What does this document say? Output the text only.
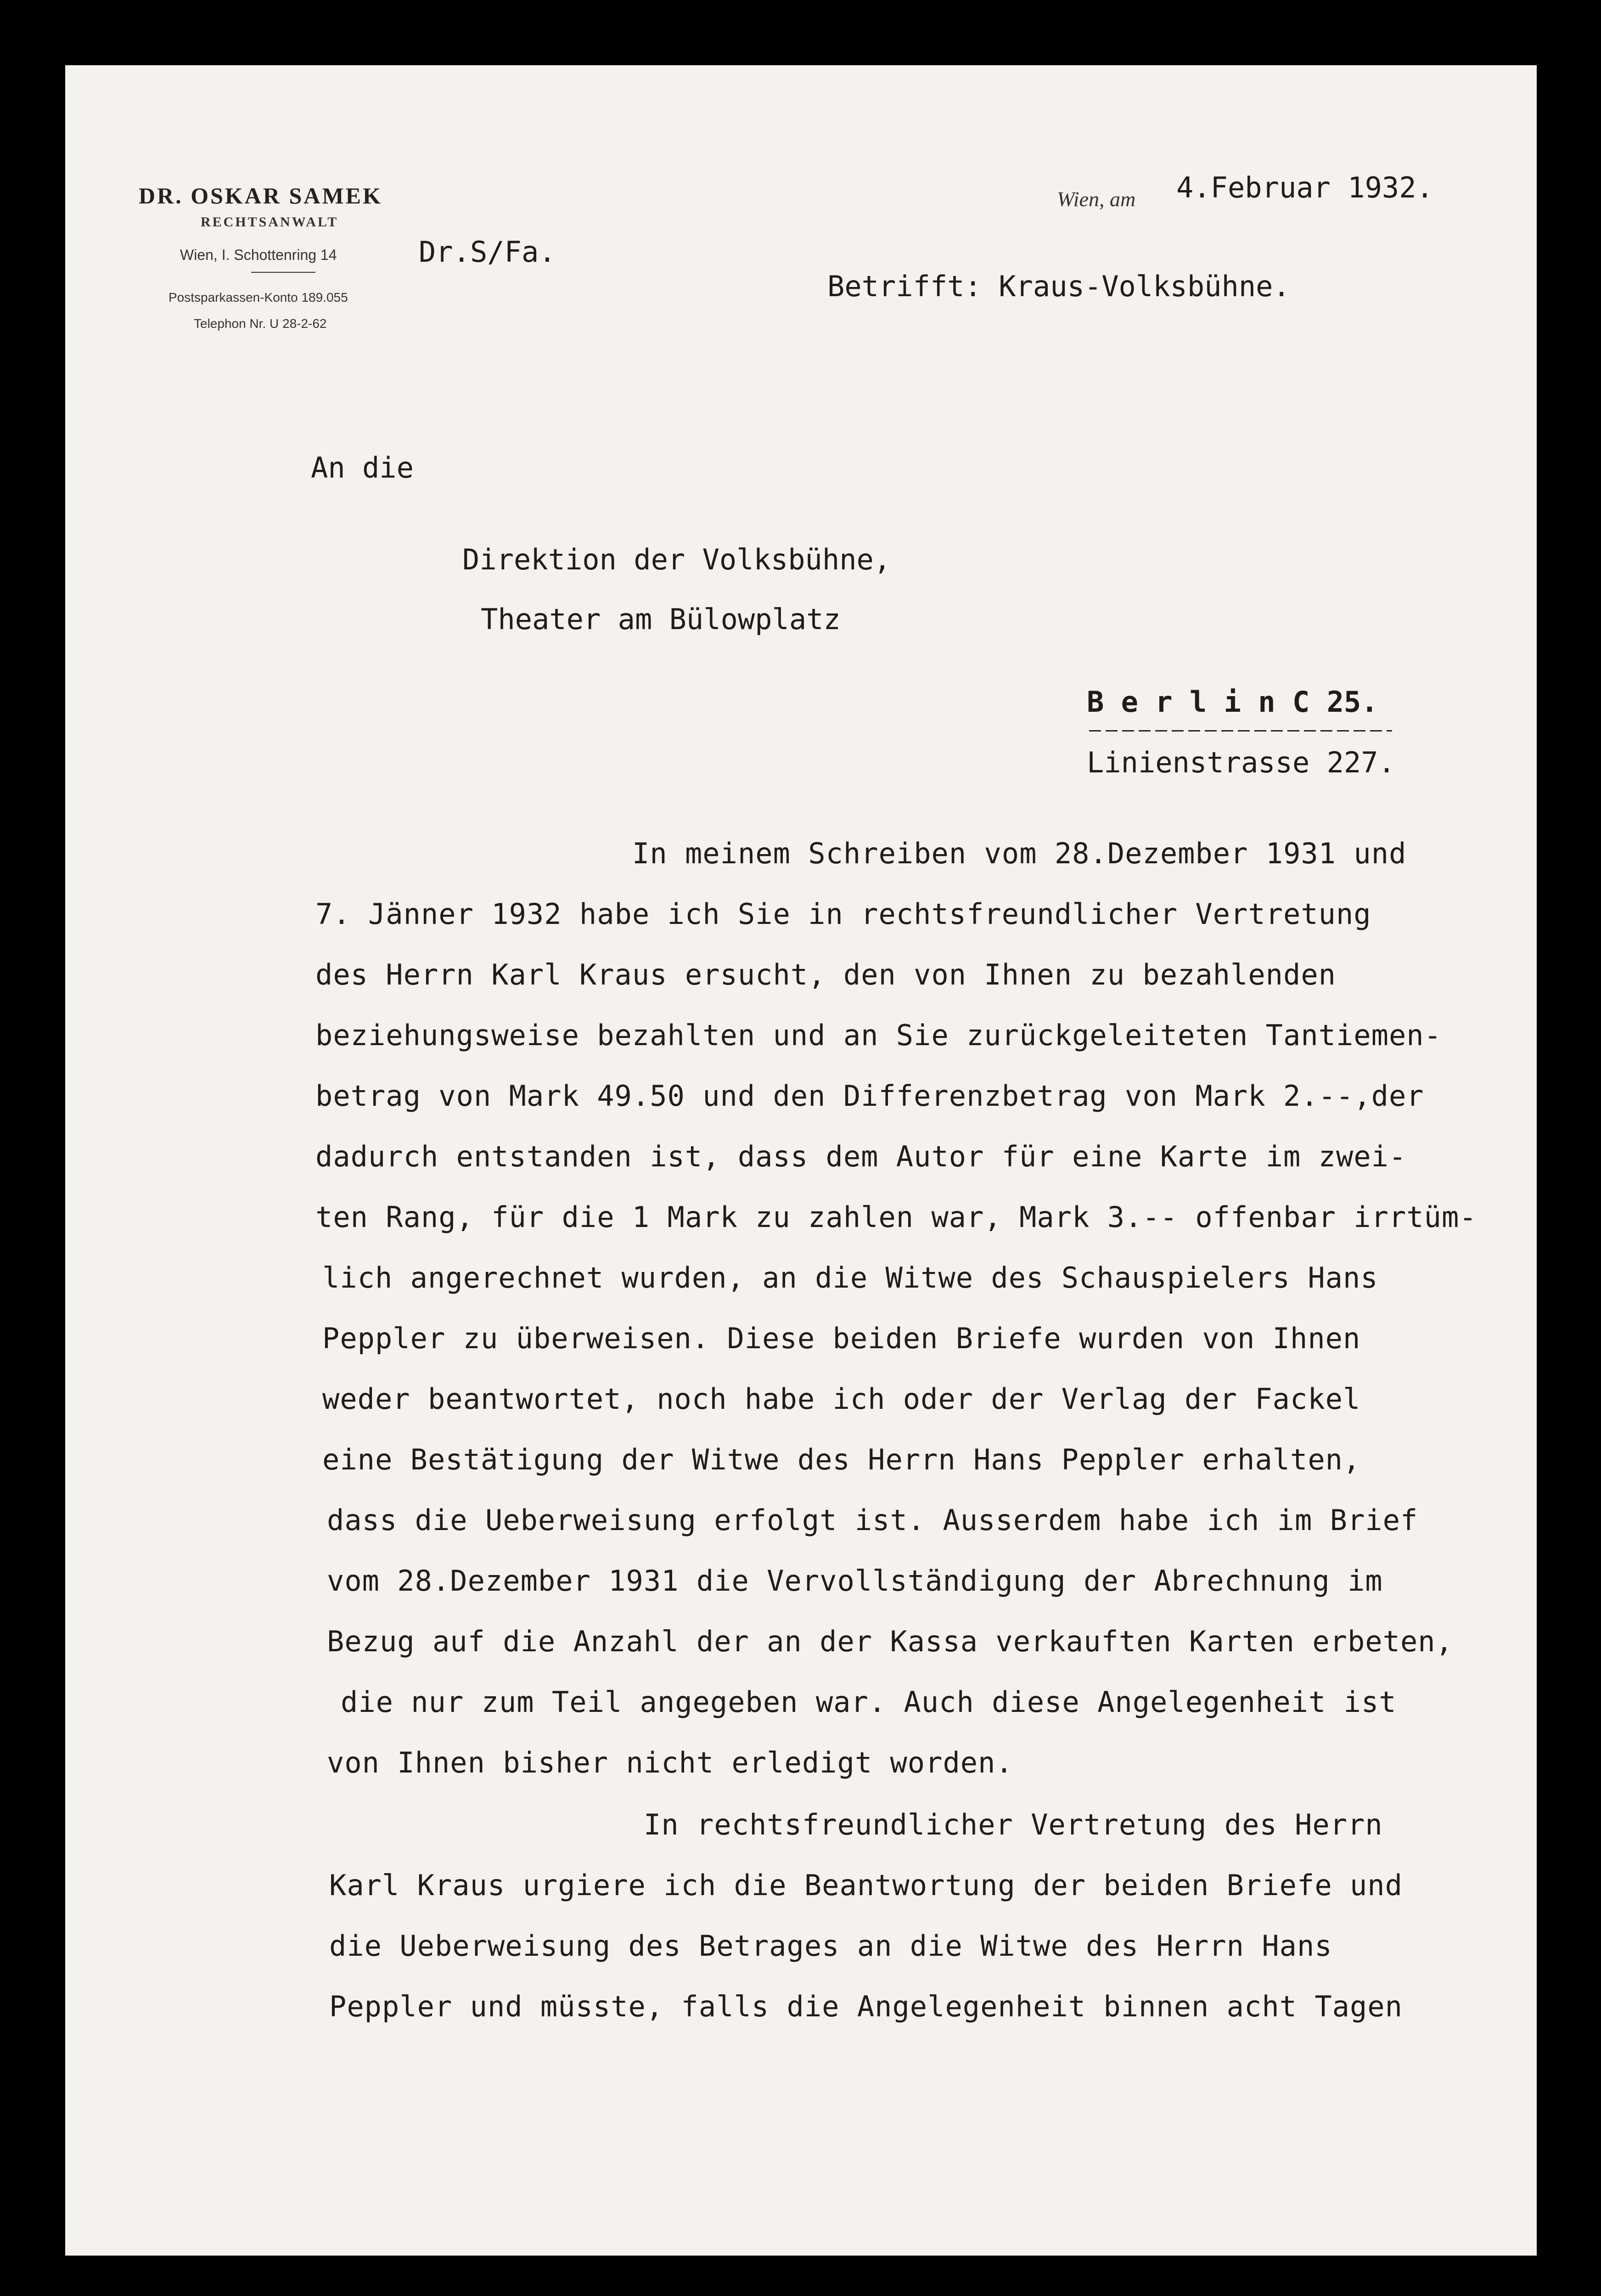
⠀
DR. OSKAR SAMEK
RECHTSANWALT
Wien, I. Schottenring 14
Postsparkassen-Konto 189.055
Telephon Nr. U 28-2-62
Dr.S/Fa.
Wien, am 4.Februar 1932.
Betrifft: Kraus-Volksbühne.
An die
Direktion der Volksbühne,
Theater am Bülowplatz
B e r l i n C 25.
Linienstrasse 227.
In meinem Schreiben vom 28.Dezember 1931 und
7. Jänner 1932 habe ich Sie in rechtsfreundlicher Vertretung
des Herrn Karl Kraus ersucht, den von Ihnen zu bezahlenden
beziehungsweise bezahlten und an Sie zurückgeleiteten Tantiemen-
betrag von Mark 49.50 und den Differenzbetrag von Mark 2.--,der
dadurch entstanden ist, dass dem Autor für eine Karte im zwei-
ten Rang, für die 1 Mark zu zahlen war, Mark 3.-- offenbar irrtüm-
lich angerechnet wurden, an die Witwe des Schauspielers Hans
Peppler zu überweisen. Diese beiden Briefe wurden von Ihnen
weder beantwortet, noch habe ich oder der Verlag der Fackel
eine Bestätigung der Witwe des Herrn Hans Peppler erhalten,
dass die Ueberweisung erfolgt ist. Ausserdem habe ich im Brief
vom 28.Dezember 1931 die Vervollständigung der Abrechnung im
Bezug auf die Anzahl der an der Kassa verkauften Karten erbeten,
die nur zum Teil angegeben war. Auch diese Angelegenheit ist
von Ihnen bisher nicht erledigt worden.
In rechtsfreundlicher Vertretung des Herrn
Karl Kraus urgiere ich die Beantwortung der beiden Briefe und
die Ueberweisung des Betrages an die Witwe des Herrn Hans
Peppler und müsste, falls die Angelegenheit binnen acht Tagen
